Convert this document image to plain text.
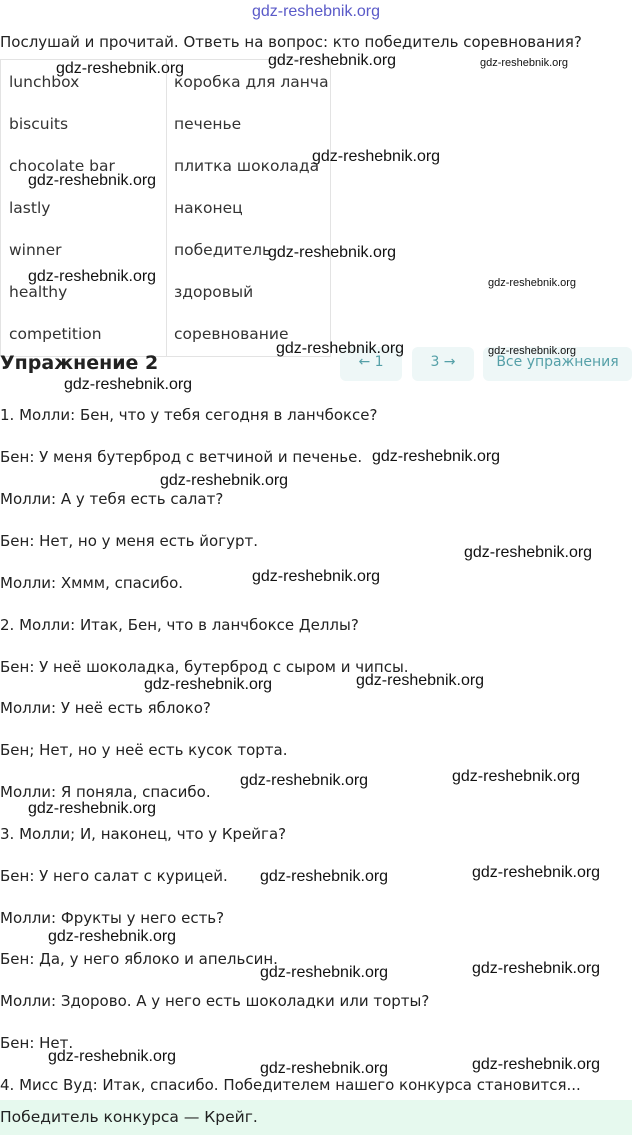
gdz-reshebnik.org
Послушай и прочитай. Ответь на вопрос: кто победитель соревнования?
lunchbox	коробка для ланча
biscuits	печенье
chocolate bar	плитка шоколада
lastly	наконец
winner	победитель
healthy	здоровый
competition	соревнование
Упражнение 2	← 1	3 →	Все упражнения
1. Молли: Бен, что у тебя сегодня в ланчбоксе?
Бен: У меня бутерброд с ветчиной и печенье.
Молли: А у тебя есть салат?
Бен: Нет, но у меня есть йогурт.
Молли: Хммм, спасибо.
2. Молли: Итак, Бен, что в ланчбоксе Деллы?
Бен: У неё шоколадка, бутерброд с сыром и чипсы.
Молли: У неё есть яблоко?
Бен; Нет, но у неё есть кусок торта.
Молли: Я поняла, спасибо.
3. Молли; И, наконец, что у Крейга?
Бен: У него салат с курицей.
Молли: Фрукты у него есть?
Бен: Да, у него яблоко и апельсин.
Молли: Здорово. А у него есть шоколадки или торты?
Бен: Нет.
4. Мисс Вуд: Итак, спасибо. Победителем нашего конкурса становится...
Победитель конкурса — Крейг.
gdz-reshebnik.org
gdz-reshebnik.org	gdz-reshebnik.org
gdz-reshebnik.org
gdz-reshebnik.org
gdz-reshebnik.org
gdz-reshebnik.org	gdz-reshebnik.org
gdz-reshebnik.org	gdz-reshebnik.org
gdz-reshebnik.org
gdz-reshebnik.org
gdz-reshebnik.org
gdz-reshebnik.org
gdz-reshebnik.org
gdz-reshebnik.org
gdz-reshebnik.org
gdz-reshebnik.org
gdz-reshebnik.org
gdz-reshebnik.org
gdz-reshebnik.org
gdz-reshebnik.org
gdz-reshebnik.org
gdz-reshebnik.org
gdz-reshebnik.org
gdz-reshebnik.org	gdz-reshebnik.org
gdz-reshebnik.org
